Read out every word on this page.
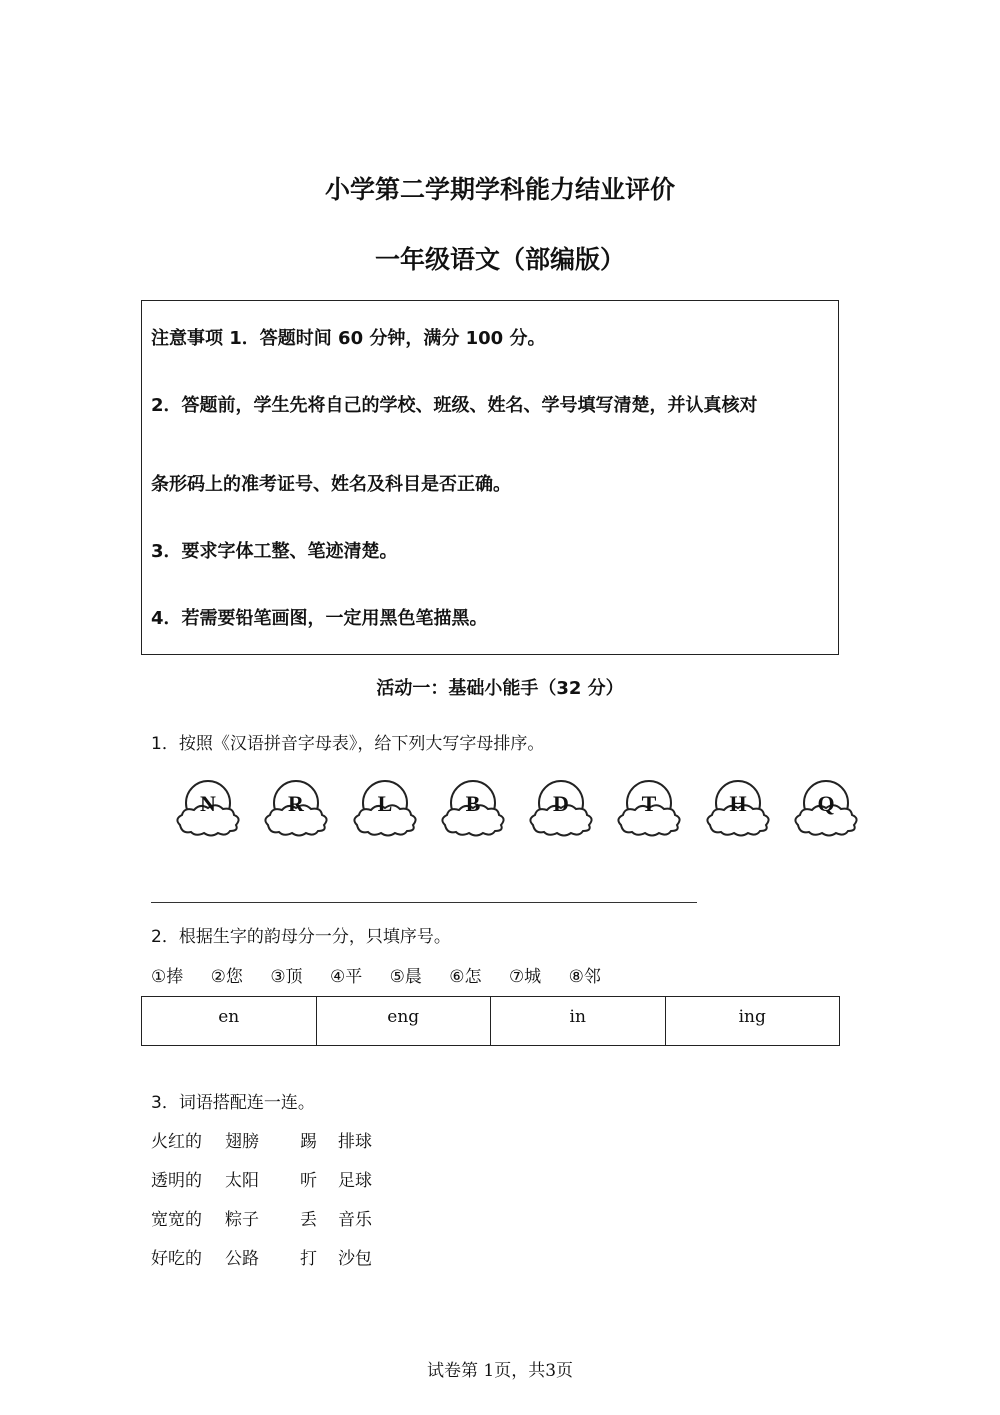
小学第二学期学科能力结业评价
一年级语文（部编版）
注意事项 1．答题时间 60 分钟，满分 100 分。
2．答题前，学生先将自己的学校、班级、姓名、学号填写清楚，并认真核对
条形码上的准考证号、姓名及科目是否正确。
3．要求字体工整、笔迹清楚。
4．若需要铅笔画图，一定用黑色笔描黑。
活动一：基础小能手（32 分）
1．按照《汉语拼音字母表》，给下列大写字母排序。
N	R	L	B	D	T	H	Q
2．根据生字的韵母分一分，只填序号。
①捧 ②您 ③顶 ④平 ⑤晨 ⑥怎 ⑦城 ⑧邻
en	eng	in	ing
3．词语搭配连一连。
火红的 翅膀 踢 排球
透明的 太阳 听 足球
宽宽的 粽子 丢 音乐
好吃的 公路 打 沙包
试卷第 1页，共3页
